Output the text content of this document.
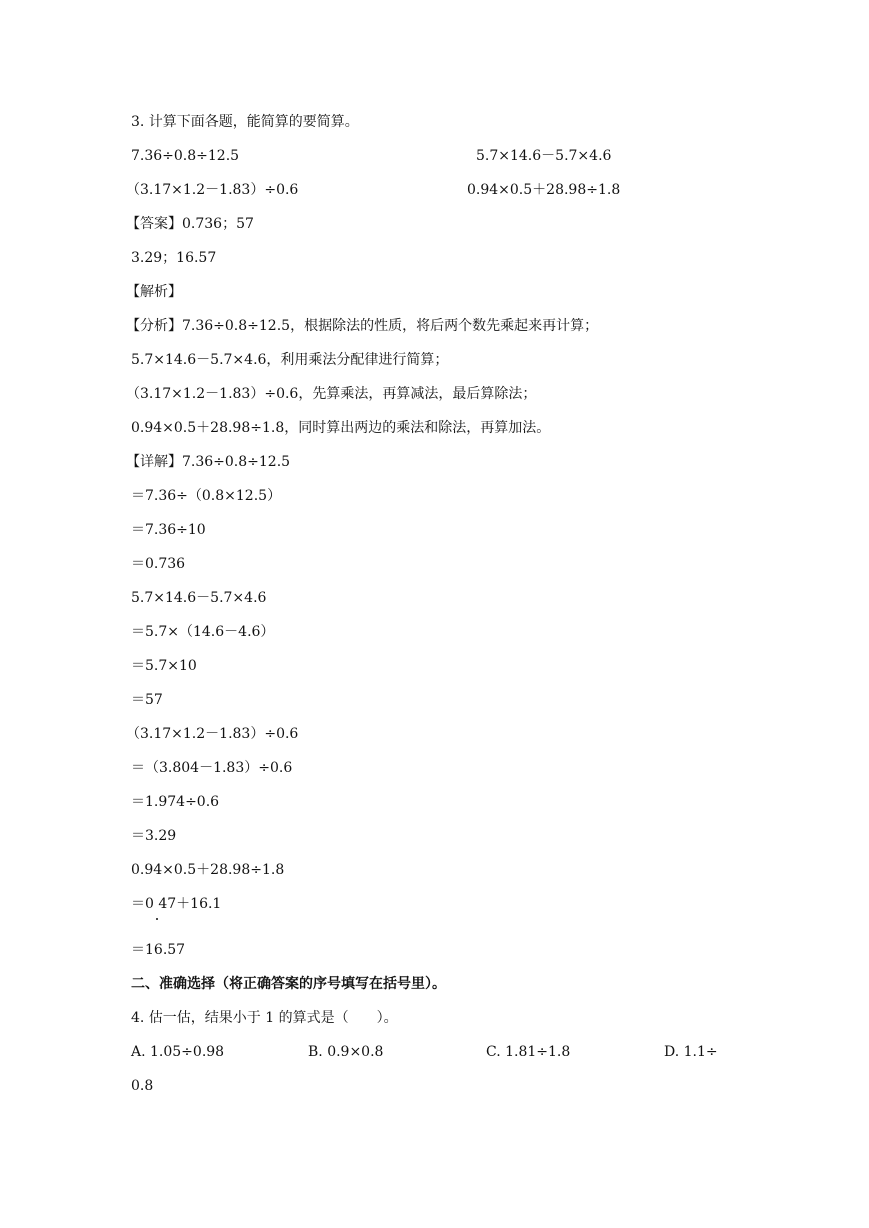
3. 计算下面各题，能简算的要简算。
7.36÷0.8÷12.5	5.7×14.6－5.7×4.6
（3.17×1.2－1.83）÷0.6	0.94×0.5＋28.98÷1.8
【答案】0.736；57
3.29；16.57
【解析】
【分析】7.36÷0.8÷12.5，根据除法的性质，将后两个数先乘起来再计算；
5.7×14.6－5.7×4.6，利用乘法分配律进行简算；
（3.17×1.2－1.83）÷0.6，先算乘法，再算减法，最后算除法；
0.94×0.5＋28.98÷1.8，同时算出两边的乘法和除法，再算加法。
【详解】7.36÷0.8÷12.5
＝7.36÷（0.8×12.5）
＝7.36÷10
＝0.736
5.7×14.6－5.7×4.6
＝5.7×（14.6－4.6）
＝5.7×10
＝57
（3.17×1.2－1.83）÷0.6
＝（3.804－1.83）÷0.6
＝1.974÷0.6
＝3.29
0.94×0.5＋28.98÷1.8
＝0 47＋16.1
＝16.57
二、准确选择（将正确答案的序号填写在括号里）。
4. 估一估，结果小于 1 的算式是（　　）。
A. 1.05÷0.98	B. 0.9×0.8	C. 1.81÷1.8	D. 1.1÷
0.8
